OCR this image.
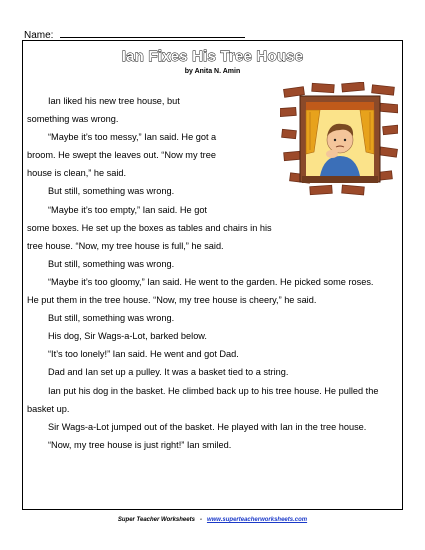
Name:
Ian Fixes His Tree House
by Anita N. Amin

Ian liked his new tree house, but

something was wrong.

“Maybe it’s too messy,” Ian said. He got a

broom. He swept the leaves out. “Now my tree

house is clean,” he said.

But still, something was wrong.

“Maybe it’s too empty,” Ian said. He got

some boxes. He set up the boxes as tables and chairs in his tree house. “Now, my tree house is full,” he said.

But still, something was wrong.

“Maybe it’s too gloomy,” Ian said. He went to the garden. He picked some roses. He put them in the tree house. “Now, my tree house is cheery,” he said.

But still, something was wrong.

His dog, Sir Wags-a-Lot, barked below.

“It’s too lonely!” Ian said. He went and got Dad.

Dad and Ian set up a pulley. It was a basket tied to a string.

Ian put his dog in the basket. He climbed back up to his tree house. He pulled the basket up.

Sir Wags-a-Lot jumped out of the basket. He played with Ian in the tree house.

“Now, my tree house is just right!” Ian smiled.

Super Teacher Worksheets - www.superteacherworksheets.com
